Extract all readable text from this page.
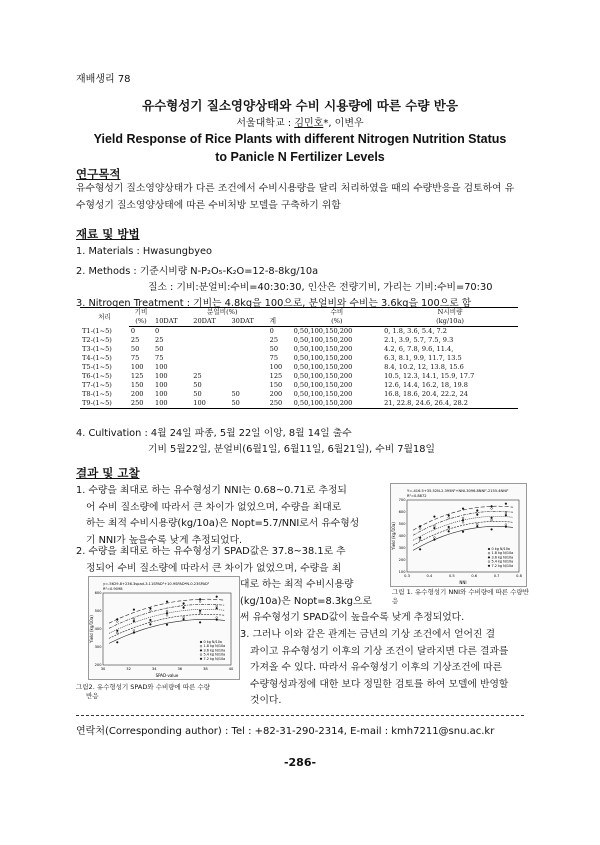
재배생리 78
유수형성기 질소영양상태와 수비 시용량에 따른 수량 반응
서울대학교 : 김민호*, 이변우
Yield Response of Rice Plants with different Nitrogen Nutrition Status
to Panicle N Fertilizer Levels
연구목적
유수형성기 질소영양상태가 다른 조건에서 수비시용량을 달리 처리하였을 때의 수량반응을 검토하여 유수형성기 질소영양상태에 따른 수비처방 모델을 구축하기 위함
재료 및 방법
1. Materials : Hwasungbyeo
2. Methods : 기준시비량 N-P₂O₅-K₂O=12-8-8kg/10a
질소 : 기비:분얼비:수비=40:30:30, 인산은 전량기비, 가리는 기비:수비=70:30
3. Nitrogen Treatment : 기비는 4.8kg을 100으로, 분얼비와 수비는 3.6kg을 100으로 함
처리	기비	분얼비(%)				수비	N시비량
	(%)	10DAT	20DAT	30DAT	계	(%)	(kg/10a)
T1-(1~5)	0	0			0	0,50,100,150,200	0, 1.8, 3.6, 5.4, 7.2
T2-(1~5)	25	25			25	0,50,100,150,200	2.1, 3.9, 5.7, 7.5, 9.3
T3-(1~5)	50	50			50	0,50,100,150,200	4.2, 6, 7.8, 9.6, 11.4,
T4-(1~5)	75	75			75	0,50,100,150,200	6.3, 8.1, 9.9, 11.7, 13.5
T5-(1~5)	100	100			100	0,50,100,150,200	8.4, 10.2, 12, 13.8, 15.6
T6-(1~5)	125	100	25		125	0,50,100,150,200	10.5, 12.3, 14.1, 15.9, 17.7
T7-(1~5)	150	100	50		150	0,50,100,150,200	12.6, 14.4, 16.2, 18, 19.8
T8-(1~5)	200	100	50	50	200	0,50,100,150,200	16.8, 18.6, 20.4, 22.2, 24
T9-(1~5)	250	100	100	50	250	0,50,100,150,200	21, 22.8, 24.6, 26.4, 28.2
4. Cultivation : 4월 24일 파종, 5월 22일 이앙, 8월 14일 출수
기비 5월22일, 분얼비(6월1일, 6월11일, 6월21일), 수비 7월18일
결과 및 고찰
1. 수량을 최대로 하는 유수형성기 NNI는 0.68~0.71로 추정되
어 수비 질소량에 따라서 큰 차이가 없었으며, 수량을 최대로
하는 최적 수비시용량(kg/10a)은 Nopt=5.7/NNI로서 유수형성
기 NNI가 높을수록 낮게 추정되었다.
2. 수량을 최대로 하는 유수형성기 SPAD값은 37.8~38.1로 추
정되어 수비 질소량에 따라서 큰 차이가 없었으며, 수량을 최
대로 하는 최적 수비시용량
(kg/10a)은 Nopt=8.3kg으로
써 유수형성기 SPAD값이 높을수록 낮게 추정되었다.
3. 그러나 이와 같은 관계는 금년의 기상 조건에서 얻어진 결
과이고 유수형성기 이후의 기상 조건이 달라지면 다른 결과를
가져올 수 있다. 따라서 유수형성기 이후의 기상조건에 따른
수량형성과정에 대한 보다 정밀한 검토를 하여 모델에 반영할
것이다.
Y=-416.5+35.52N-2.395N²+NNI-3096.8NNI²-2155.4NNI²
R²=0.8872
0.3	0.4	0.5	0.6	0.7	0.8
100
200
300
400
500
600
700
0 kg N/10a
1.8 kg N/10a
3.6 kg N/10a
5.4 kg N/10a
7.2 kg N/10a
NNI
Yield (kg/10a)
그림 1. 유수형성기 NNI와 수비량에 따른 수량반응
y=-5629.8+236.3spad-3.11SPAD²+10.9SPAD*N-0.23SPAD²
R²=0.9098
30	32	34	36	38	40
200
300
400
500
600
0 kg N/10a
1.8 kg N/10a
3.6 kg N/10a
5.4 kg N/10a
7.2 kg N/10a
SPAD-value
Yield (kg/10a)
그림2. 유수형성기 SPAD와 수비량에 따른 수량
반응
연락처(Corresponding author) : Tel : +82-31-290-2314, E-mail : kmh7211@snu.ac.kr
-286-
